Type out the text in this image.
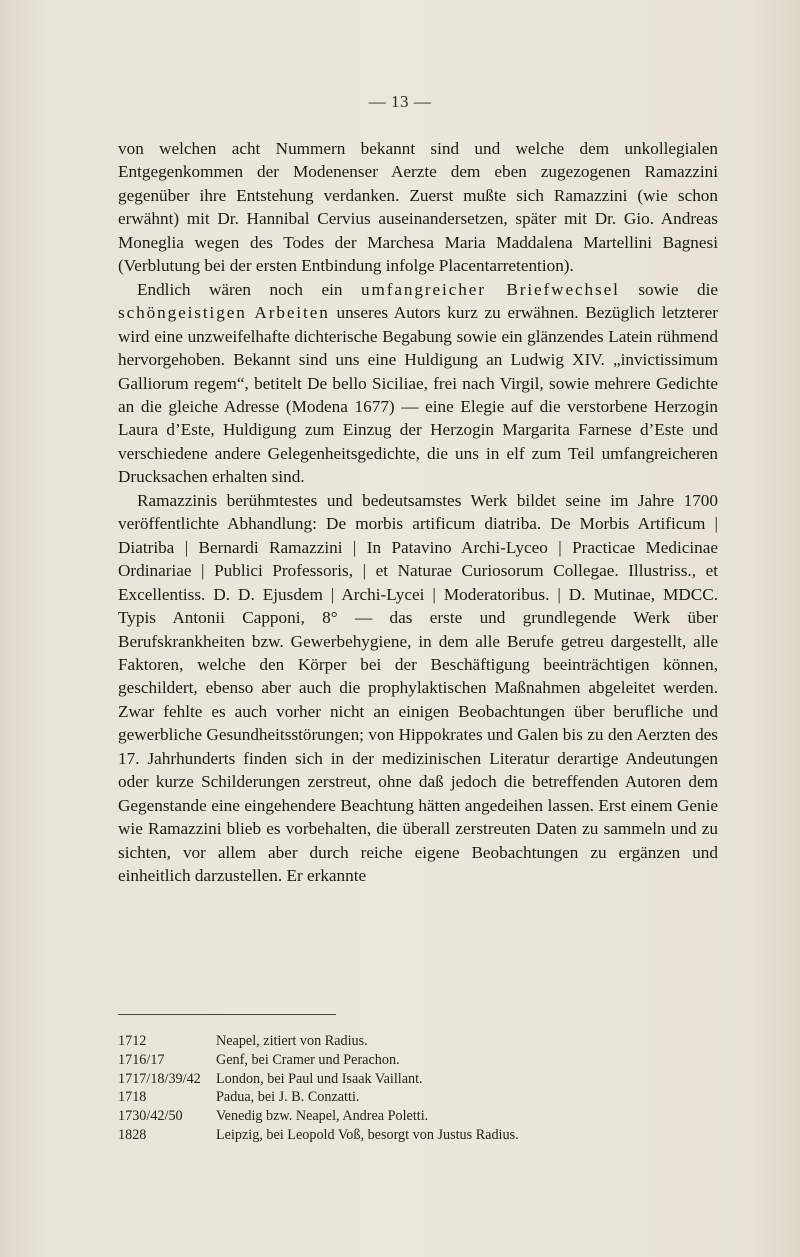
— 13 —

von welchen acht Nummern bekannt sind und welche dem unkollegialen Entgegenkommen der Modenenser Aerzte dem eben zugezogenen Ramazzini gegenüber ihre Entstehung verdanken. Zuerst mußte sich Ramazzini (wie schon erwähnt) mit Dr. Hannibal Cervius auseinandersetzen, später mit Dr. Gio. Andreas Moneglia wegen des Todes der Marchesa Maria Maddalena Martellini Bagnesi (Verblutung bei der ersten Entbindung infolge Placentarretention).

Endlich wären noch ein umfangreicher Briefwechsel sowie die schöngeistigen Arbeiten unseres Autors kurz zu erwähnen. Bezüglich letzterer wird eine unzweifelhafte dichterische Begabung sowie ein glänzendes Latein rühmend hervorgehoben. Bekannt sind uns eine Huldigung an Ludwig XIV. „invictissimum Galliorum regem“, betitelt De bello Siciliae, frei nach Virgil, sowie mehrere Gedichte an die gleiche Adresse (Modena 1677) — eine Elegie auf die verstorbene Herzogin Laura d’Este, Huldigung zum Einzug der Herzogin Margarita Farnese d’Este und verschiedene andere Gelegenheitsgedichte, die uns in elf zum Teil umfangreicheren Drucksachen erhalten sind.

Ramazzinis berühmtestes und bedeutsamstes Werk bildet seine im Jahre 1700 veröffentlichte Abhandlung: De morbis artificum diatriba. De Morbis Artificum | Diatriba | Bernardi Ramazzini | In Patavino Archi-Lyceo | Practicae Medicinae Ordinariae | Publici Professoris, | et Naturae Curiosorum Collegae. Illustriss., et Excellentiss. D. D. Ejusdem | Archi-Lycei | Moderatoribus. | D. Mutinae, MDCC. Typis Antonii Capponi, 8° — das erste und grundlegende Werk über Berufskrankheiten bzw. Gewerbehygiene, in dem alle Berufe getreu dargestellt, alle Faktoren, welche den Körper bei der Beschäftigung beeinträchtigen können, geschildert, ebenso aber auch die prophylaktischen Maßnahmen abgeleitet werden. Zwar fehlte es auch vorher nicht an einigen Beobachtungen über berufliche und gewerbliche Gesundheitsstörungen; von Hippokrates und Galen bis zu den Aerzten des 17. Jahrhunderts finden sich in der medizinischen Literatur derartige Andeutungen oder kurze Schilderungen zerstreut, ohne daß jedoch die betreffenden Autoren dem Gegenstande eine eingehendere Beachtung hätten angedeihen lassen. Erst einem Genie wie Ramazzini blieb es vorbehalten, die überall zerstreuten Daten zu sammeln und zu sichten, vor allem aber durch reiche eigene Beobachtungen zu ergänzen und einheitlich darzustellen. Er erkannte

1712	Neapel, zitiert von Radius.
1716/17	Genf, bei Cramer und Perachon.
1717/18/39/42	London, bei Paul und Isaak Vaillant.
1718	Padua, bei J. B. Conzatti.
1730/42/50	Venedig bzw. Neapel, Andrea Poletti.
1828	Leipzig, bei Leopold Voß, besorgt von Justus Radius.
